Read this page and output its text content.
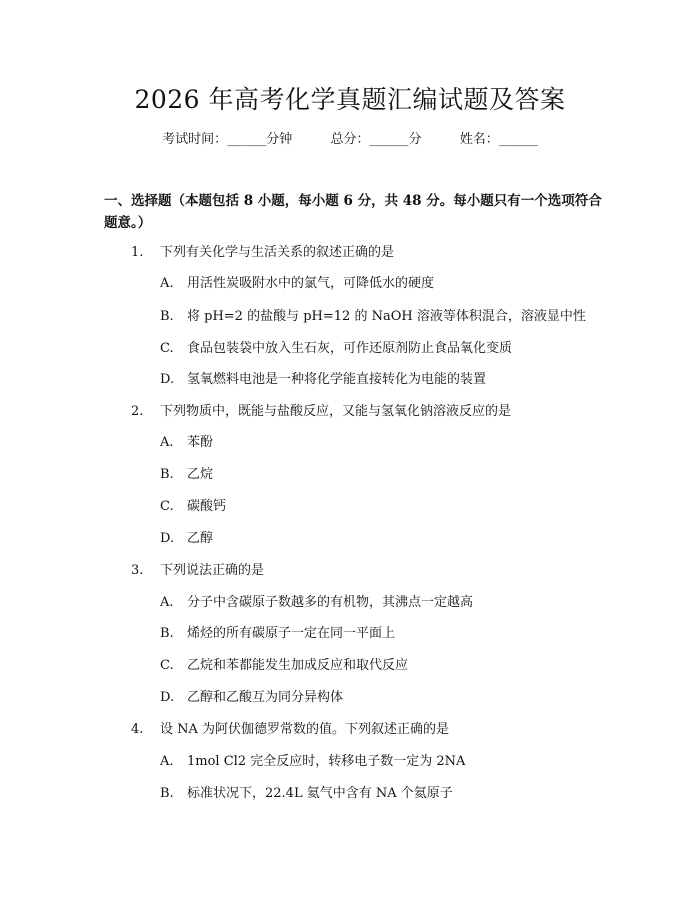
2026 年高考化学真题汇编试题及答案
考试时间：______分钟	总分：______分	姓名：______
一、选择题（本题包括 8 小题，每小题 6 分，共 48 分。每小题只有一个选项符合题意。）
1. 下列有关化学与生活关系的叙述正确的是
A. 用活性炭吸附水中的氯气，可降低水的硬度
B. 将 pH=2 的盐酸与 pH=12 的 NaOH 溶液等体积混合，溶液显中性
C. 食品包装袋中放入生石灰，可作还原剂防止食品氧化变质
D. 氢氧燃料电池是一种将化学能直接转化为电能的装置
2. 下列物质中，既能与盐酸反应，又能与氢氧化钠溶液反应的是
A. 苯酚
B. 乙烷
C. 碳酸钙
D. 乙醇
3. 下列说法正确的是
A. 分子中含碳原子数越多的有机物，其沸点一定越高
B. 烯烃的所有碳原子一定在同一平面上
C. 乙烷和苯都能发生加成反应和取代反应
D. 乙醇和乙酸互为同分异构体
4. 设 NA 为阿伏伽德罗常数的值。下列叙述正确的是
A. 1mol Cl2 完全反应时，转移电子数一定为 2NA
B. 标准状况下，22.4L 氦气中含有 NA 个氦原子
